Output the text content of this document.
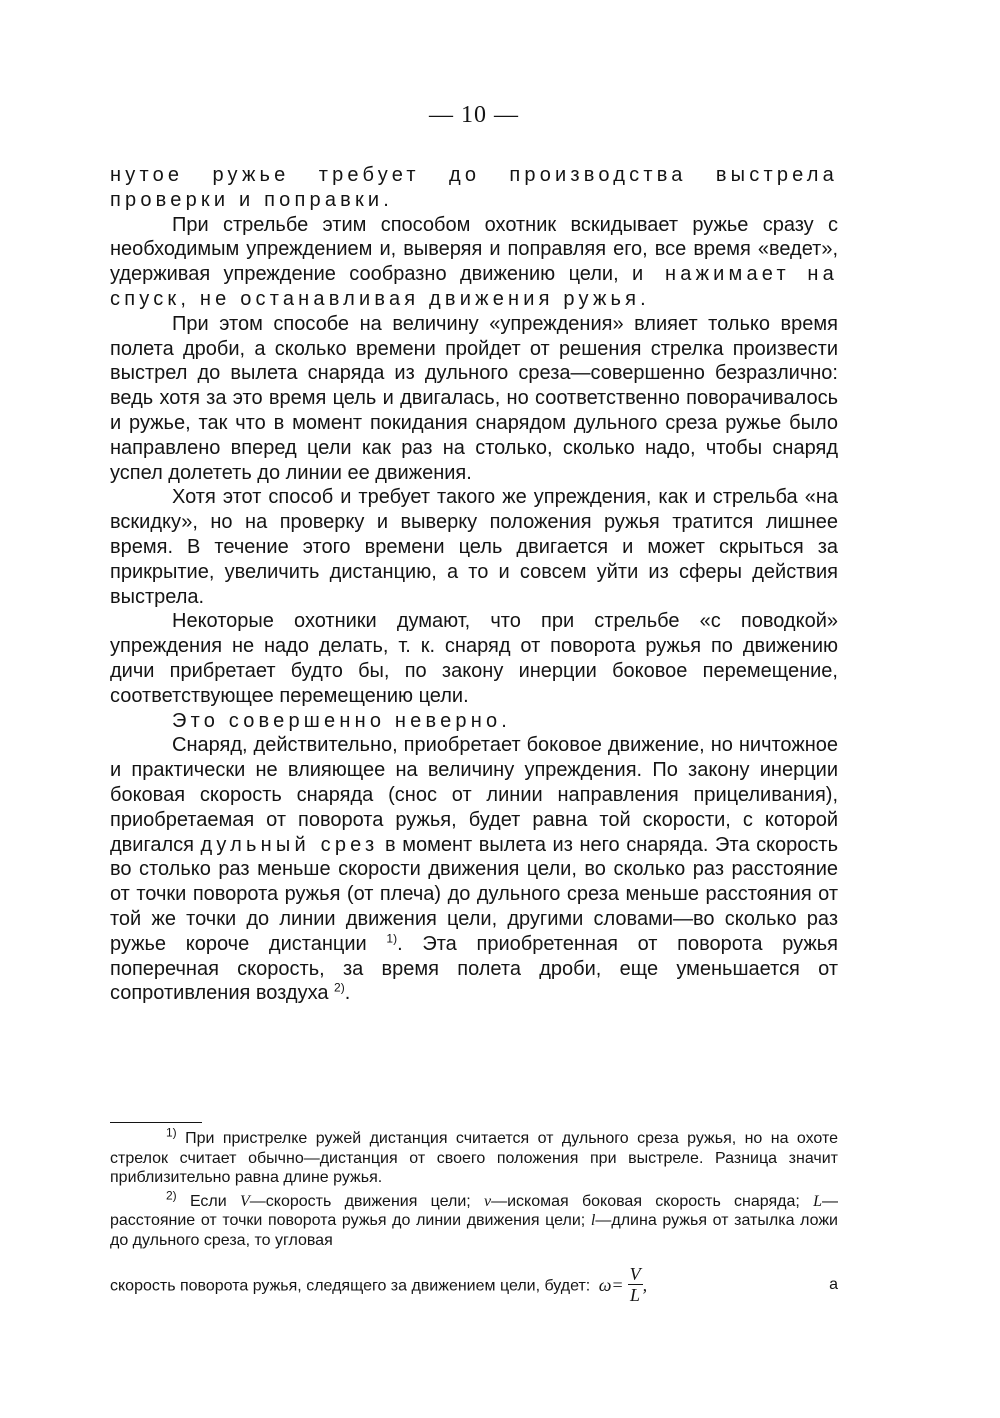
— 10 —

нутое ружье требует до производства выстрела проверки и поправки.

При стрельбе этим способом охотник вскидывает ружье сразу с необходимым упреждением и, выверяя и поправляя его, все время «ведет», удерживая упреждение сообразно движению цели, и нажимает на спуск, не останавливая движения ружья.

При этом способе на величину «упреждения» влияет только время полета дроби, а сколько времени пройдет от решения стрелка произвести выстрел до вылета снаряда из дульного среза—совершенно безразлично: ведь хотя за это время цель и двигалась, но соответственно поворачивалось и ружье, так что в момент покидания снарядом дульного среза ружье было направлено вперед цели как раз на столько, сколько надо, чтобы снаряд успел долететь до линии ее движения.

Хотя этот способ и требует такого же упреждения, как и стрельба «на вскидку», но на проверку и выверку положения ружья тратится лишнее время. В течение этого времени цель двигается и может скрыться за прикрытие, увеличить дистанцию, а то и совсем уйти из сферы действия выстрела.

Некоторые охотники думают, что при стрельбе «с поводкой» упреждения не надо делать, т. к. снаряд от поворота ружья по движению дичи прибретает будто бы, по закону инерции боковое перемещение, соответствующее перемещению цели.

Это совершенно неверно.

Снаряд, действительно, приобретает боковое движение, но ничтожное и практически не влияющее на величину упреждения. По закону инерции боковая скорость снаряда (снос от линии направления прицеливания), приобретаемая от поворота ружья, будет равна той скорости, с которой двигался дульный срез в момент вылета из него снаряда. Эта скорость во столько раз меньше скорости движения цели, во сколько раз расстояние от точки поворота ружья (от плеча) до дульного среза меньше расстояния от той же точки до линии движения цели, другими словами—во сколько раз ружье короче дистанции $^{1)}$. Эта приобретенная от поворота ружья поперечная скорость, за время полета дроби, еще уменьшается от сопротивления воздуха $^{2)}$.

$^{1)}$ При пристрелке ружей дистанция считается от дульного среза ружья, но на охоте стрелок считает обычно—дистанция от своего положения при выстреле. Разница значит приблизительно равна длине ружья.

$^{2)}$ Если V—скорость движения цели; v—искомая боковая скорость снаряда; L—расстояние от точки поворота ружья до линии движения цели; l—длина ружья от затылка ложи до дульного среза, то угловая

скорость поворота ружья, следящего за движением цели, будет: $\omega = \frac{V}{L}$ ,	а
